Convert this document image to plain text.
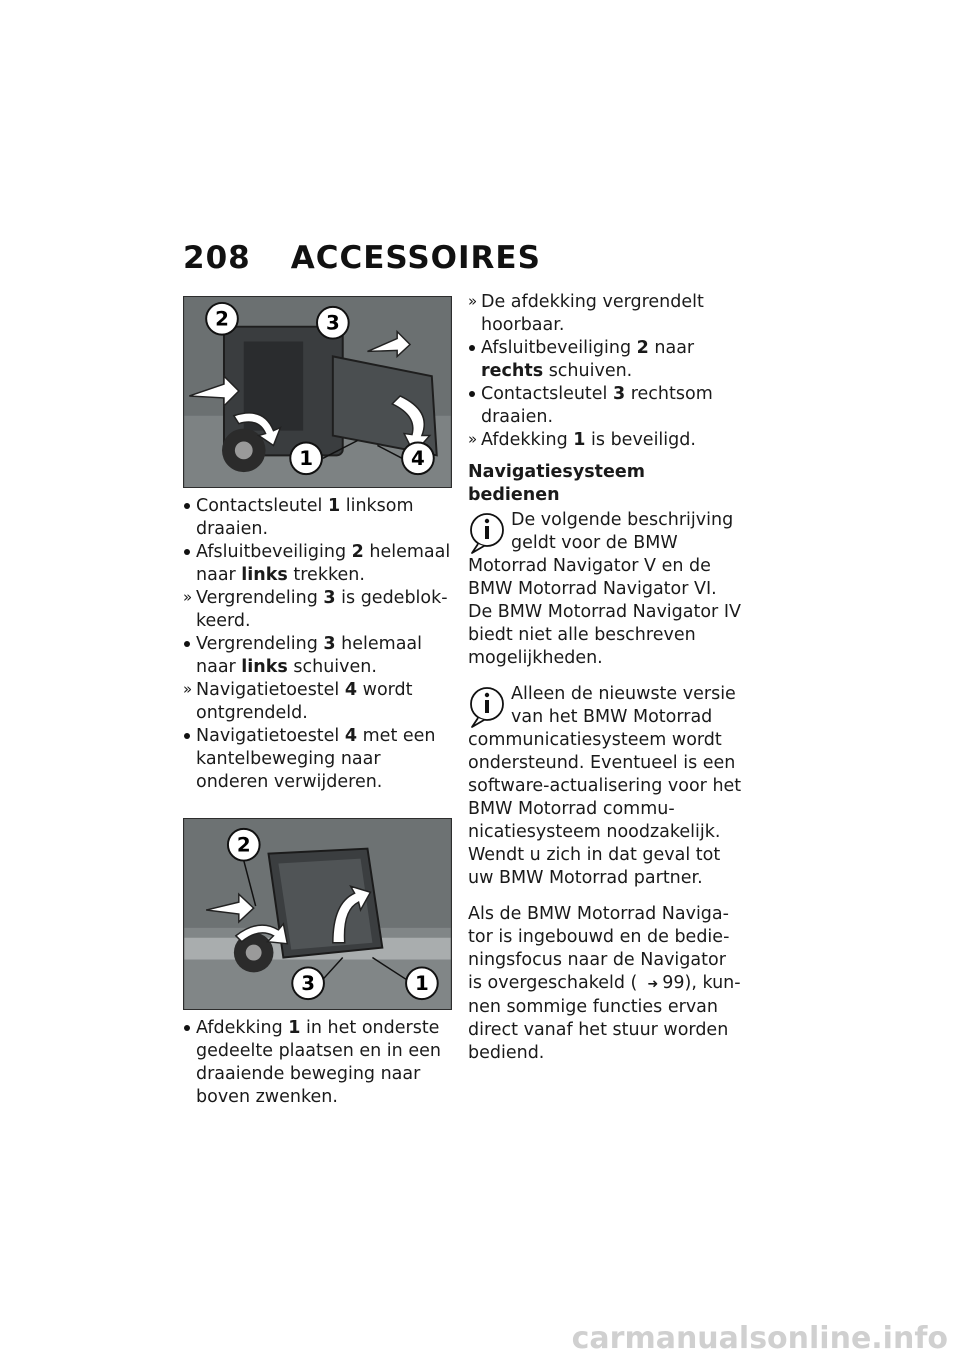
208 ACCESSOIRES
2	3
1	4
Contactsleutel 1 linksom draaien.
Afsluitbeveiliging 2 helemaal naar links trekken.
Vergrendeling 3 is gedeblokkeerd.
Vergrendeling 3 helemaal naar links schuiven.
Navigatietoestel 4 wordt ontgrendeld.
Navigatietoestel 4 met een kantelbeweging naar onderen verwijderen.
2
3	1
Afdekking 1 in het onderste gedeelte plaatsen en in een draaiende beweging naar boven zwenken.
De afdekking vergrendelt hoorbaar.
Afsluitbeveiliging 2 naar rechts schuiven.
Contactsleutel 3 rechtsom draaien.
Afdekking 1 is beveiligd.
Navigatiesysteem bedienen

De volgende beschrijving geldt voor de BMW Motorrad Navigator V en de BMW Motorrad Navigator VI. De BMW Motorrad Navigator IV biedt niet alle beschreven mogelijkheden.

Alleen de nieuwste versie van het BMW Motorrad communicatiesysteem wordt ondersteund. Eventueel is een software-actualisering voor het BMW Motorrad communicatiesysteem noodzakelijk. Wendt u zich in dat geval tot uw BMW Motorrad partner.

Als de BMW Motorrad Navigator is ingebouwd en de bedieningsfocus naar de Navigator is overgeschakeld ( ➜ 99), kunnen sommige functies ervan direct vanaf het stuur worden bediend.

carmanualsonline.info
